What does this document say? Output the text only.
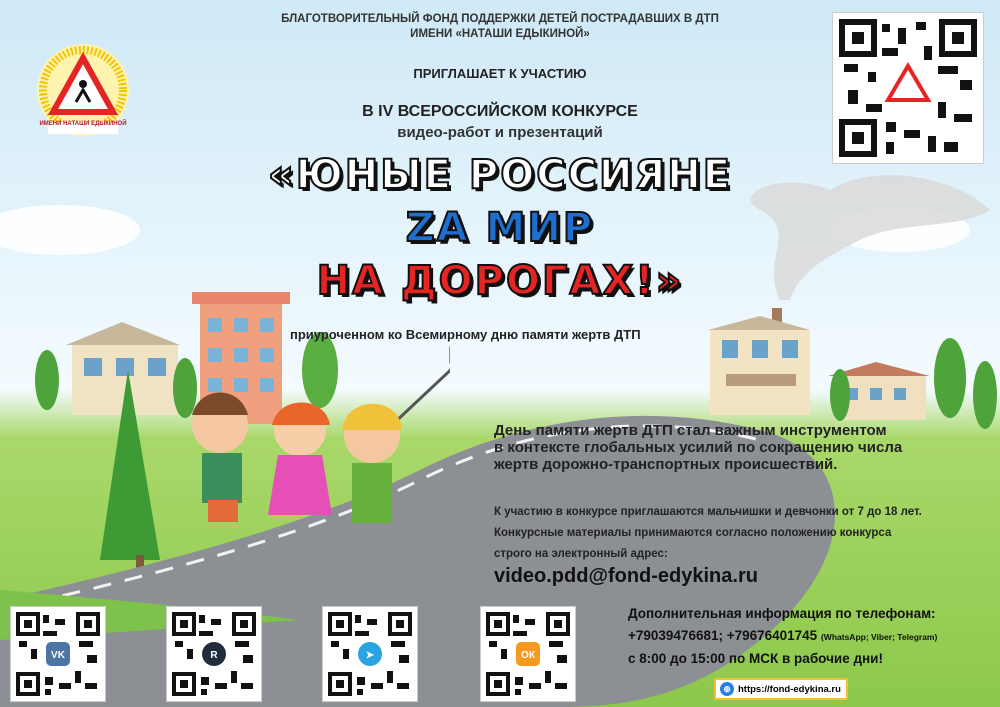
ИМЕНИ НАТАШИ ЕДЫКИНОЙ
БЛАГОТВОРИТЕЛЬНЫЙ ФОНД ПОДДЕРЖКИ ДЕТЕЙ ПОСТРАДАВШИХ В ДТП
ИМЕНИ «НАТАШИ ЕДЫКИНОЙ»
ПРИГЛАШАЕТ К УЧАСТИЮ
В IV ВСЕРОССИЙСКОМ КОНКУРСЕ
видео-работ и презентаций
«ЮНЫЕ РОССИЯНЕ
ZA МИР
НА ДОРОГАХ!»
приуроченном ко Всемирному дню памяти жертв ДТП
День памяти жертв ДТП стал важным инструментом
в контексте глобальных усилий по сокращению числа
жертв дорожно-транспортных происшествий.
К участию в конкурсе приглашаются мальчишки и девчонки от 7 до 18 лет.
Конкурсные материалы принимаются согласно положению конкурса
строго на электронный адрес:
video.pdd@fond-edykina.ru
Дополнительная информация по телефонам:
+79039476681; +79676401745 (WhatsApp; Viber; Telegram)
с 8:00 до 15:00 по МСК в рабочие дни!
⊕ https://fond-edykina.ru
VK	R	➤	ОК
